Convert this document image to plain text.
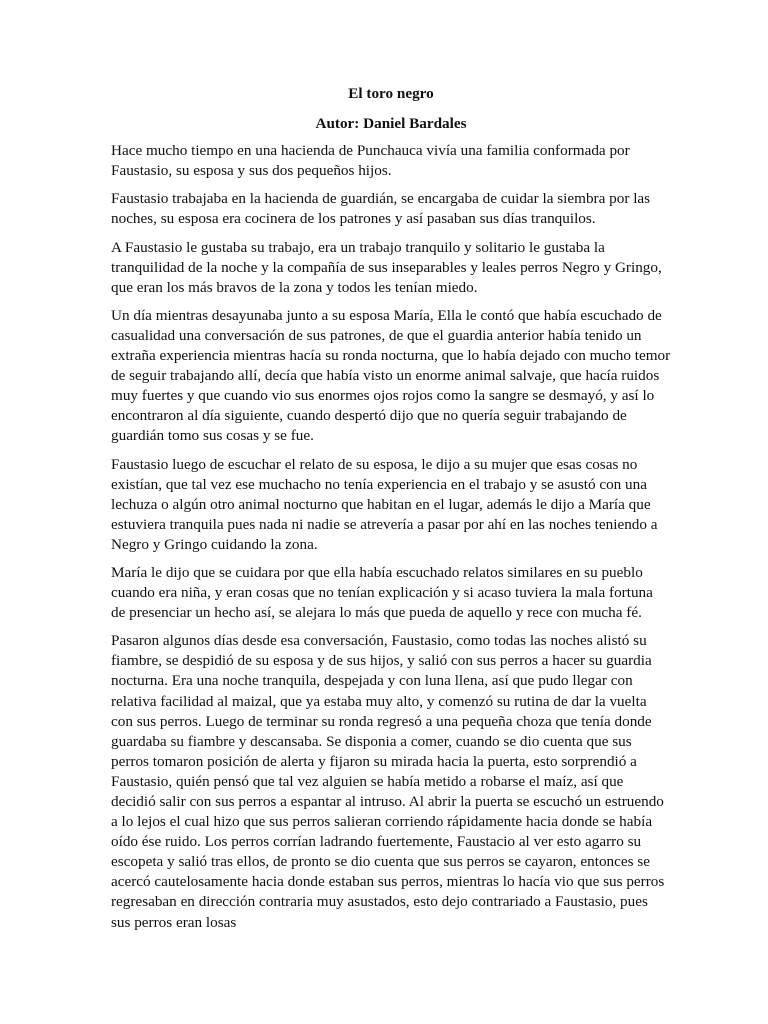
El toro negro
Autor: Daniel Bardales

Hace mucho tiempo en una hacienda de Punchauca vivía una familia conformada por Faustasio, su esposa y sus dos pequeños hijos.

Faustasio trabajaba en la hacienda de guardián, se encargaba de cuidar la siembra por las noches, su esposa era cocinera de los patrones y así pasaban sus días tranquilos.

A Faustasio le gustaba su trabajo, era un trabajo tranquilo y solitario le gustaba la tranquilidad de la noche y la compañía de sus inseparables y leales perros Negro y Gringo, que eran los más bravos de la zona y todos les tenían miedo.

Un día mientras desayunaba junto a su esposa María, Ella le contó que había escuchado de casualidad una conversación de sus patrones, de que el guardia anterior había tenido un extraña experiencia mientras hacía su ronda nocturna, que lo había dejado con mucho temor de seguir trabajando allí, decía que había visto un enorme animal salvaje, que hacía ruidos muy fuertes y que cuando vio sus enormes ojos rojos como la sangre se desmayó, y así lo encontraron al día siguiente, cuando despertó dijo que no quería seguir trabajando de guardián tomo sus cosas y se fue.

Faustasio luego de escuchar el relato de su esposa, le dijo a su mujer que esas cosas no existían, que tal vez ese muchacho no tenía experiencia en el trabajo y se asustó con una lechuza o algún otro animal nocturno que habitan en el lugar, además le dijo a María que estuviera tranquila pues nada ni nadie se atrevería a pasar por ahí en las noches teniendo a Negro y Gringo cuidando la zona.

María le dijo que se cuidara por que ella había escuchado relatos similares en su pueblo cuando era niña, y eran cosas que no tenían explicación y si acaso tuviera la mala fortuna de presenciar un hecho así, se alejara lo más que pueda de aquello y rece con mucha fé.

Pasaron algunos días desde esa conversación, Faustasio, como todas las noches alistó su fiambre, se despidió de su esposa y de sus hijos, y salió con sus perros a hacer su guardia nocturna. Era una noche tranquila, despejada y con luna llena, así que pudo llegar con relativa facilidad al maizal, que ya estaba muy alto, y comenzó su rutina de dar la vuelta con sus perros. Luego de terminar su ronda regresó a una pequeña choza que tenía donde guardaba su fiambre y descansaba. Se disponia a comer, cuando se dio cuenta que sus perros tomaron posición de alerta y fijaron su mirada hacia la puerta, esto sorprendió a Faustasio, quién pensó que tal vez alguien se había metido a robarse el maíz, así que decidió salir con sus perros a espantar al intruso. Al abrir la puerta se escuchó un estruendo a lo lejos el cual hizo que sus perros salieran corriendo rápidamente hacia donde se había oído ése ruido. Los perros corrían ladrando fuertemente, Faustacio al ver esto agarro su escopeta y salió tras ellos, de pronto se dio cuenta que sus perros se cayaron, entonces se acercó cautelosamente hacia donde estaban sus perros, mientras lo hacía vio que sus perros regresaban en dirección contraria muy asustados, esto dejo contrariado a Faustasio, pues sus perros eran losas
